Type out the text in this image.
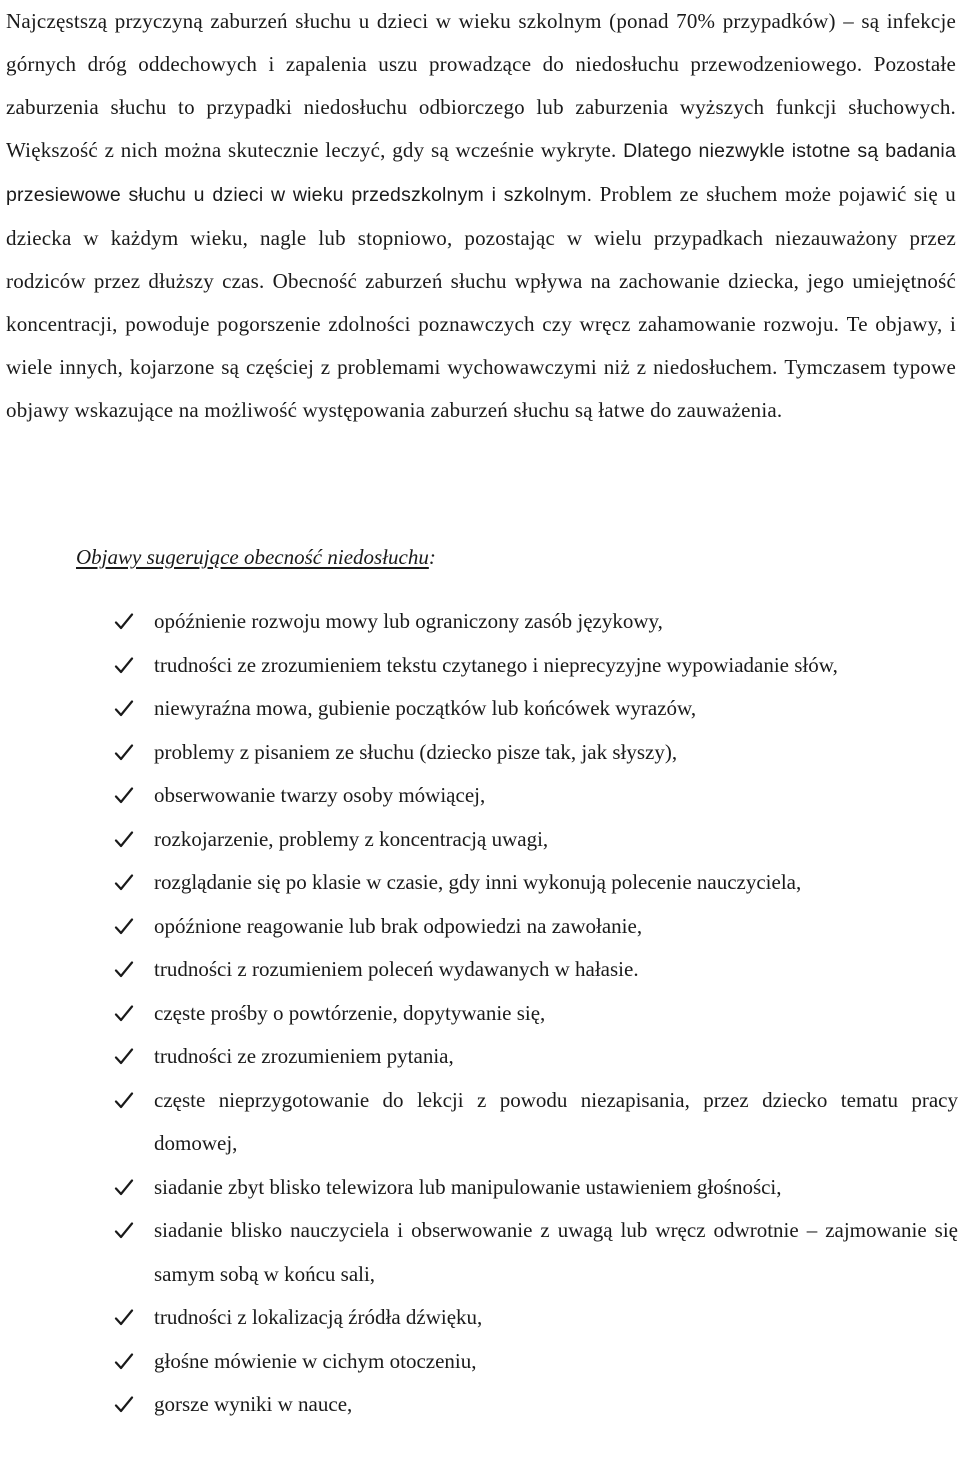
Najczęstszą przyczyną zaburzeń słuchu u dzieci w wieku szkolnym (ponad 70% przypadków) – są infekcje górnych dróg oddechowych i zapalenia uszu prowadzące do niedosłuchu przewodzeniowego. Pozostałe zaburzenia słuchu to przypadki niedosłuchu odbiorczego lub zaburzenia wyższych funkcji słuchowych. Większość z nich można skutecznie leczyć, gdy są wcześnie wykryte. Dlatego niezwykle istotne są badania przesiewowe słuchu u dzieci w wieku przedszkolnym i szkolnym. Problem ze słuchem może pojawić się u dziecka w każdym wieku, nagle lub stopniowo, pozostając w wielu przypadkach niezauważony przez rodziców przez dłuższy czas. Obecność zaburzeń słuchu wpływa na zachowanie dziecka, jego umiejętność koncentracji, powoduje pogorszenie zdolności poznawczych czy wręcz zahamowanie rozwoju. Te objawy, i wiele innych, kojarzone są częściej z problemami wychowawczymi niż z niedosłuchem. Tymczasem typowe objawy wskazujące na możliwość występowania zaburzeń słuchu są łatwe do zauważenia.

Objawy sugerujące obecność niedosłuchu:

opóźnienie rozwoju mowy lub ograniczony zasób językowy,
trudności ze zrozumieniem tekstu czytanego i nieprecyzyjne wypowiadanie słów,
niewyraźna mowa, gubienie początków lub końcówek wyrazów,
problemy z pisaniem ze słuchu (dziecko pisze tak, jak słyszy),
obserwowanie twarzy osoby mówiącej,
rozkojarzenie, problemy z koncentracją uwagi,
rozglądanie się po klasie w czasie, gdy inni wykonują polecenie nauczyciela,
opóźnione reagowanie lub brak odpowiedzi na zawołanie,
trudności z rozumieniem poleceń wydawanych w hałasie.
częste prośby o powtórzenie, dopytywanie się,
trudności ze zrozumieniem pytania,
częste nieprzygotowanie do lekcji z powodu niezapisania, przez dziecko tematu pracy domowej,
siadanie zbyt blisko telewizora lub manipulowanie ustawieniem głośności,
siadanie blisko nauczyciela i obserwowanie z uwagą lub wręcz odwrotnie – zajmowanie się samym sobą w końcu sali,
trudności z lokalizacją źródła dźwięku,
głośne mówienie w cichym otoczeniu,
gorsze wyniki w nauce,
